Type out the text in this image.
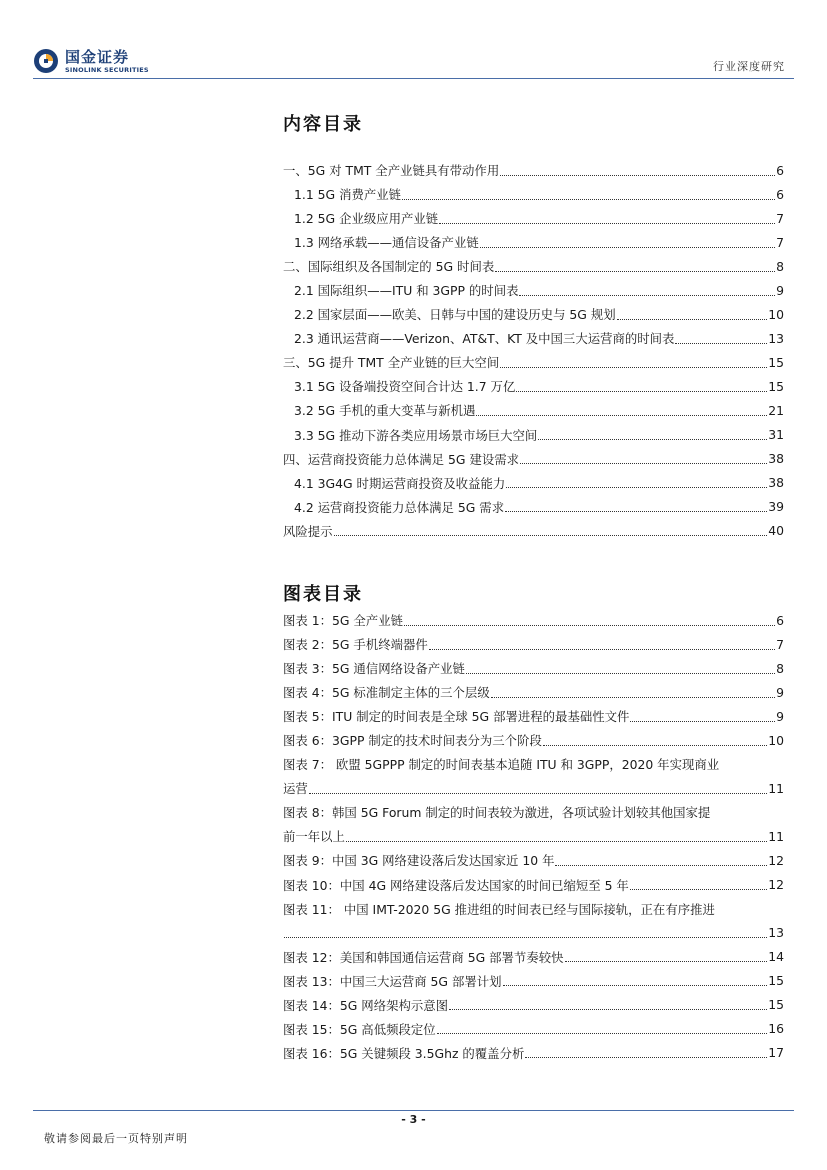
国金证券
SINOLINK SECURITIES	行业深度研究
内容目录
一、5G 对 TMT 全产业链具有带动作用	6
1.1 5G 消费产业链	6
1.2 5G 企业级应用产业链	7
1.3 网络承载——通信设备产业链	7
二、国际组织及各国制定的 5G 时间表	8
2.1 国际组织——ITU 和 3GPP 的时间表	9
2.2 国家层面——欧美、日韩与中国的建设历史与 5G 规划	10
2.3 通讯运营商——Verizon、AT&T、KT 及中国三大运营商的时间表	13
三、5G 提升 TMT 全产业链的巨大空间	15
3.1 5G 设备端投资空间合计达 1.7 万亿	15
3.2 5G 手机的重大变革与新机遇	21
3.3 5G 推动下游各类应用场景市场巨大空间	31
四、运营商投资能力总体满足 5G 建设需求	38
4.1 3G4G 时期运营商投资及收益能力	38
4.2 运营商投资能力总体满足 5G 需求	39
风险提示	40
图表目录
图表 1：5G 全产业链	6
图表 2：5G 手机终端器件	7
图表 3：5G 通信网络设备产业链	8
图表 4：5G 标准制定主体的三个层级	9
图表 5：ITU 制定的时间表是全球 5G 部署进程的最基础性文件	9
图表 6：3GPP 制定的技术时间表分为三个阶段	10
图表 7： 欧盟 5GPPP 制定的时间表基本追随 ITU 和 3GPP，2020 年实现商业
运营	11
图表 8：韩国 5G Forum 制定的时间表较为激进，各项试验计划较其他国家提
前一年以上	11
图表 9：中国 3G 网络建设落后发达国家近 10 年	12
图表 10：中国 4G 网络建设落后发达国家的时间已缩短至 5 年	12
图表 11： 中国 IMT-2020 5G 推进组的时间表已经与国际接轨，正在有序推进
13
图表 12：美国和韩国通信运营商 5G 部署节奏较快	14
图表 13：中国三大运营商 5G 部署计划	15
图表 14：5G 网络架构示意图	15
图表 15：5G 高低频段定位	16
图表 16：5G 关键频段 3.5Ghz 的覆盖分析	17
- 3 -
敬请参阅最后一页特别声明
